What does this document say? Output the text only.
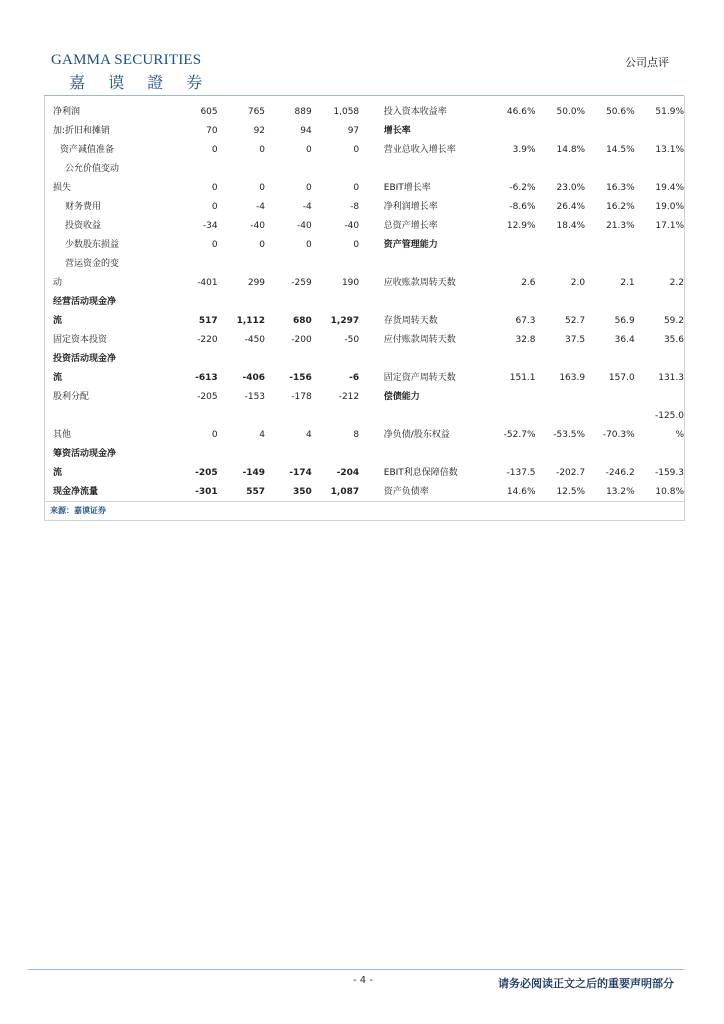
GAMMA SECURITIES
嘉 谟 證 券
公司点评
净利润	605	765	889	1,058		投入资本收益率	46.6%	50.0%	50.6%	51.9%
加:折旧和摊销	70	92	94	97		增长率				
资产减值准备	0	0	0	0		营业总收入增长率	3.9%	14.8%	14.5%	13.1%
公允价值变动										
损失	0	0	0	0		EBIT增长率	-6.2%	23.0%	16.3%	19.4%
财务费用	0	-4	-4	-8		净利润增长率	-8.6%	26.4%	16.2%	19.0%
投资收益	-34	-40	-40	-40		总资产增长率	12.9%	18.4%	21.3%	17.1%
少数股东损益	0	0	0	0		资产管理能力				
营运资金的变										
动	-401	299	-259	190		应收账款周转天数	2.6	2.0	2.1	2.2
经营活动现金净										
流	517	1,112	680	1,297		存货周转天数	67.3	52.7	56.9	59.2
固定资本投资	-220	-450	-200	-50		应付账款周转天数	32.8	37.5	36.4	35.6
投资活动现金净										
流	-613	-406	-156	-6		固定资产周转天数	151.1	163.9	157.0	131.3
股利分配	-205	-153	-178	-212		偿债能力				
										-125.0
其他	0	4	4	8		净负债/股东权益	-52.7%	-53.5%	-70.3%	%
筹资活动现金净										
流	-205	-149	-174	-204		EBIT利息保障倍数	-137.5	-202.7	-246.2	-159.3
现金净流量	-301	557	350	1,087		资产负债率	14.6%	12.5%	13.2%	10.8%
来源：嘉谟证券
- 4 -	请务必阅读正文之后的重要声明部分
